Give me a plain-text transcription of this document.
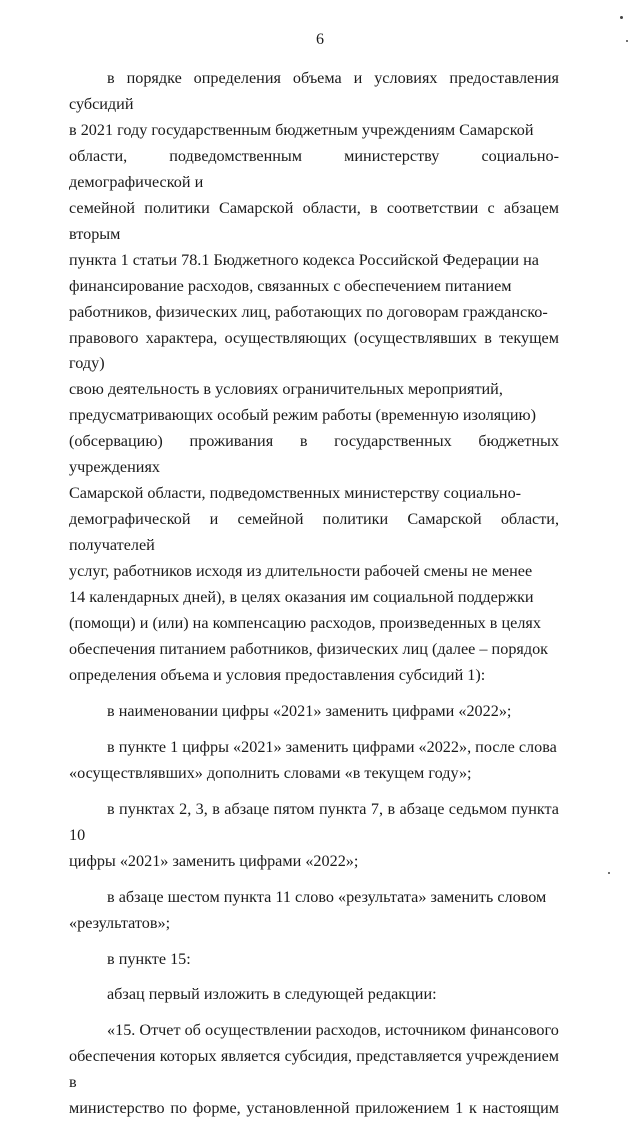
6
в порядке определения объема и условиях предоставления субсидий
в 2021 году государственным бюджетным учреждениям Самарской
области, подведомственным министерству социально-демографической и
семейной политики Самарской области, в соответствии с абзацем вторым
пункта 1 статьи 78.1 Бюджетного кодекса Российской Федерации на
финансирование расходов, связанных с обеспечением питанием
работников, физических лиц, работающих по договорам гражданско-
правового характера, осуществляющих (осуществлявших в текущем году)
свою деятельность в условиях ограничительных мероприятий,
предусматривающих особый режим работы (временную изоляцию)
(обсервацию) проживания в государственных бюджетных учреждениях
Самарской области, подведомственных министерству социально-
демографической и семейной политики Самарской области, получателей
услуг, работников исходя из длительности рабочей смены не менее
14 календарных дней), в целях оказания им социальной поддержки
(помощи) и (или) на компенсацию расходов, произведенных в целях
обеспечения питанием работников, физических лиц (далее – порядок
определения объема и условия предоставления субсидий 1):
в наименовании цифры «2021» заменить цифрами «2022»;
в пункте 1 цифры «2021» заменить цифрами «2022», после слова
«осуществлявших» дополнить словами «в текущем году»;
в пунктах 2, 3, в абзаце пятом пункта 7, в абзаце седьмом пункта 10
цифры «2021» заменить цифрами «2022»;
в абзаце шестом пункта 11 слово «результата» заменить словом
«результатов»;
в пункте 15:
абзац первый изложить в следующей редакции:
«15. Отчет об осуществлении расходов, источником финансового
обеспечения которых является субсидия, представляется учреждением в
министерство по форме, установленной приложением 1 к настоящим
